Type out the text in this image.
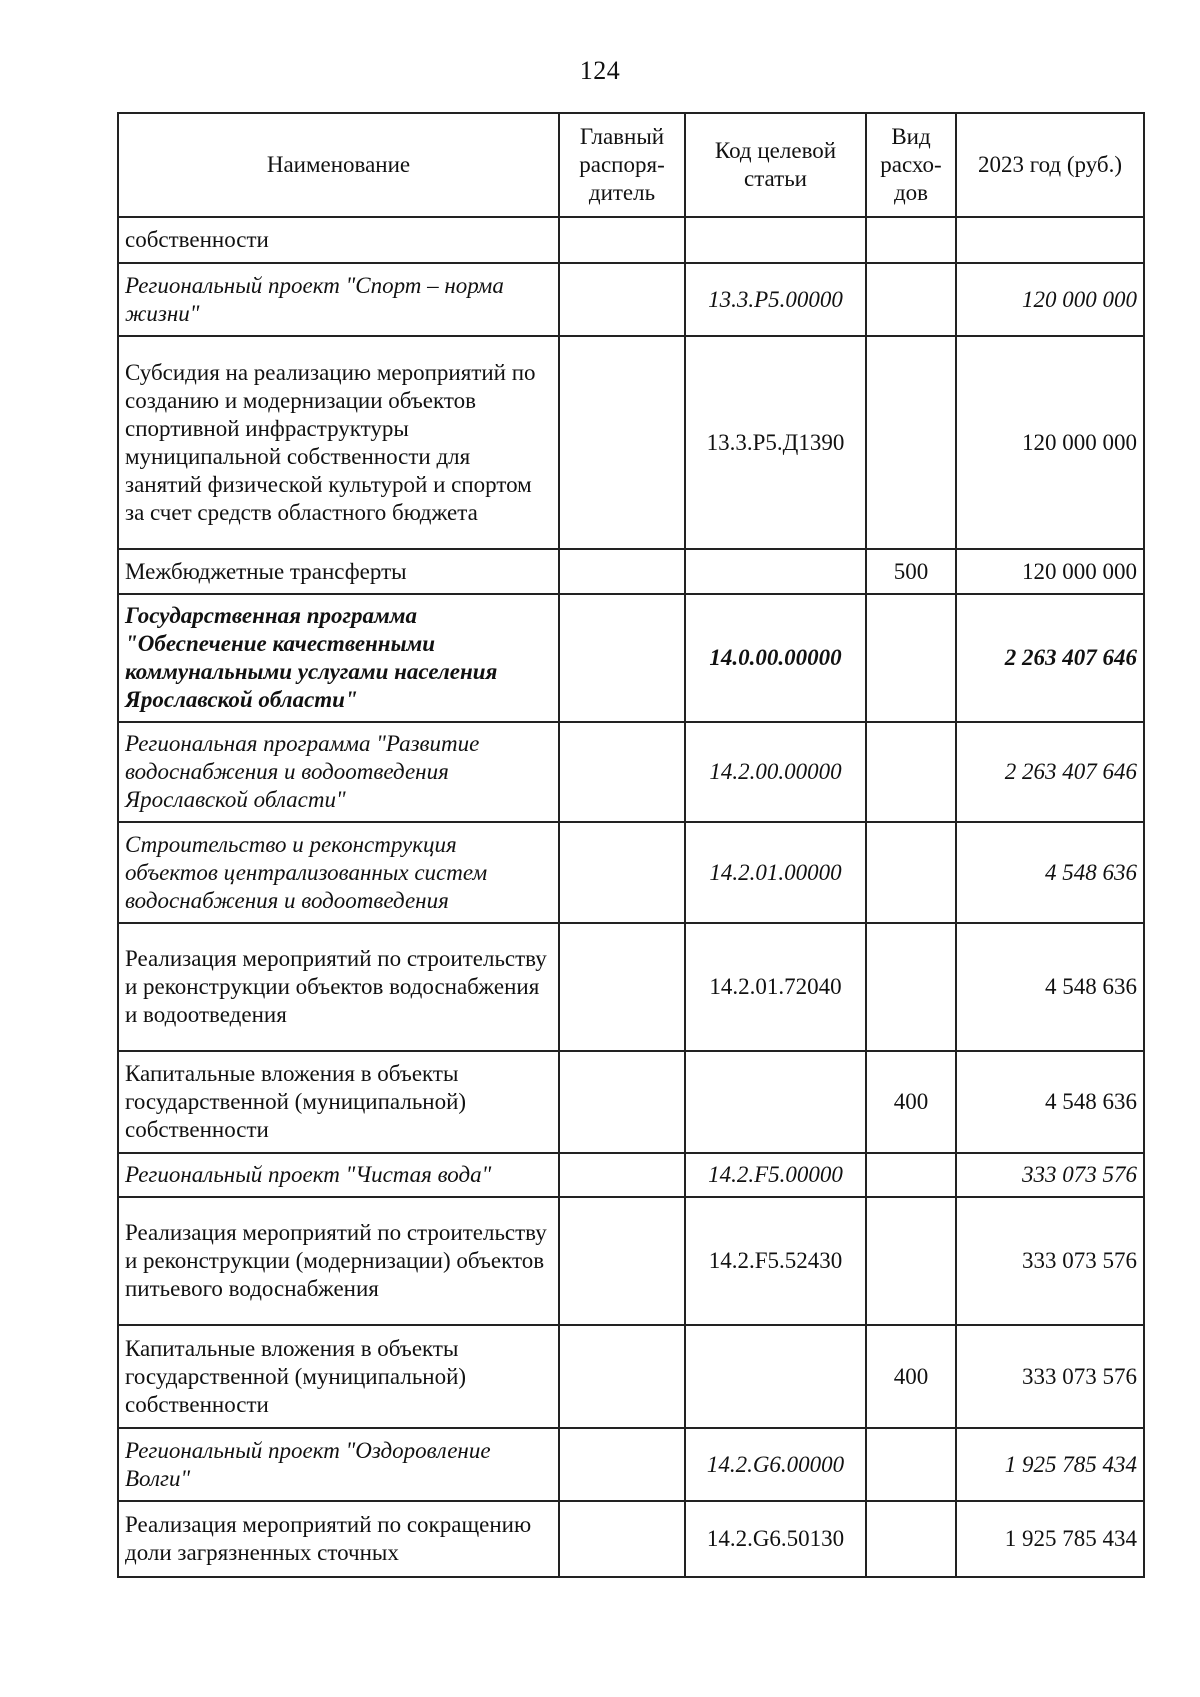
124
Наименование	Главный распоря-дитель	Код целевой статьи	Вид расхо-дов	2023 год (руб.)
собственности				
Региональный проект "Спорт – норма жизни"		13.3.Р5.00000		120 000 000
Субсидия на реализацию мероприятий по созданию и модернизации объектов спортивной инфраструктуры муниципальной собственности для занятий физической культурой и спортом за счет средств областного бюджета		13.3.Р5.Д1390		120 000 000
Межбюджетные трансферты			500	120 000 000
Государственная программа "Обеспечение качественными коммунальными услугами населения Ярославской области"		14.0.00.00000		2 263 407 646
Региональная программа "Развитие водоснабжения и водоотведения Ярославской области"		14.2.00.00000		2 263 407 646
Строительство и реконструкция объектов централизованных систем водоснабжения и водоотведения		14.2.01.00000		4 548 636
Реализация мероприятий по строительству и реконструкции объектов водоснабжения и водоотведения		14.2.01.72040		4 548 636
Капитальные вложения в объекты государственной (муниципальной) собственности			400	4 548 636
Региональный проект "Чистая вода"		14.2.F5.00000		333 073 576
Реализация мероприятий по строительству и реконструкции (модернизации) объектов питьевого водоснабжения		14.2.F5.52430		333 073 576
Капитальные вложения в объекты государственной (муниципальной) собственности			400	333 073 576
Региональный проект "Оздоровление Волги"		14.2.G6.00000		1 925 785 434
Реализация мероприятий по сокращению доли загрязненных сточных		14.2.G6.50130		1 925 785 434
